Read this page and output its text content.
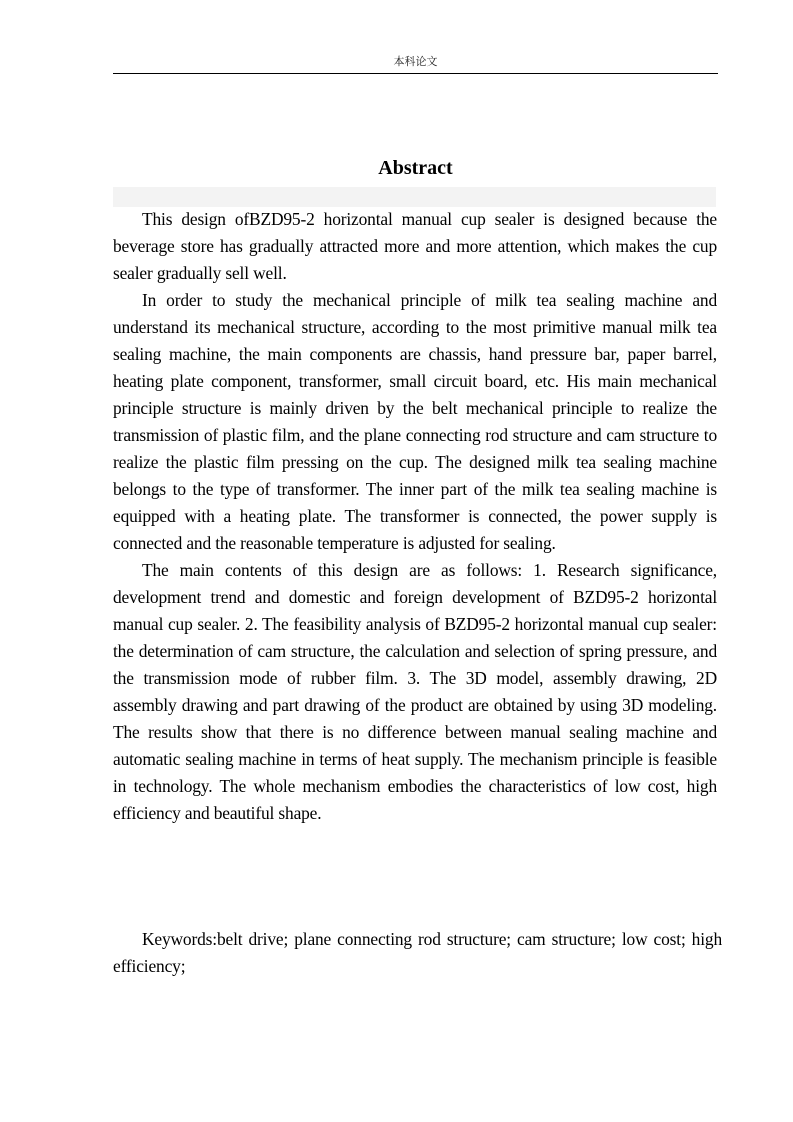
本科论文
Abstract

This design ofBZD95-2 horizontal manual cup sealer is designed because the beverage store has gradually attracted more and more attention, which makes the cup sealer gradually sell well.

In order to study the mechanical principle of milk tea sealing machine and understand its mechanical structure, according to the most primitive manual milk tea sealing machine, the main components are chassis, hand pressure bar, paper barrel, heating plate component, transformer, small circuit board, etc. His main mechanical principle structure is mainly driven by the belt mechanical principle to realize the transmission of plastic film, and the plane connecting rod structure and cam structure to realize the plastic film pressing on the cup. The designed milk tea sealing machine belongs to the type of transformer. The inner part of the milk tea sealing machine is equipped with a heating plate. The transformer is connected, the power supply is connected and the reasonable temperature is adjusted for sealing.

The main contents of this design are as follows: 1. Research significance, development trend and domestic and foreign development of BZD95-2 horizontal manual cup sealer. 2. The feasibility analysis of BZD95-2 horizontal manual cup sealer: the determination of cam structure, the calculation and selection of spring pressure, and the transmission mode of rubber film. 3. The 3D model, assembly drawing, 2D assembly drawing and part drawing of the product are obtained by using 3D modeling. The results show that there is no difference between manual sealing machine and automatic sealing machine in terms of heat supply. The mechanism principle is feasible in technology. The whole mechanism embodies the characteristics of low cost, high efficiency and beautiful shape.

Keywords:belt drive; plane connecting rod structure; cam structure; low cost; high efficiency;
